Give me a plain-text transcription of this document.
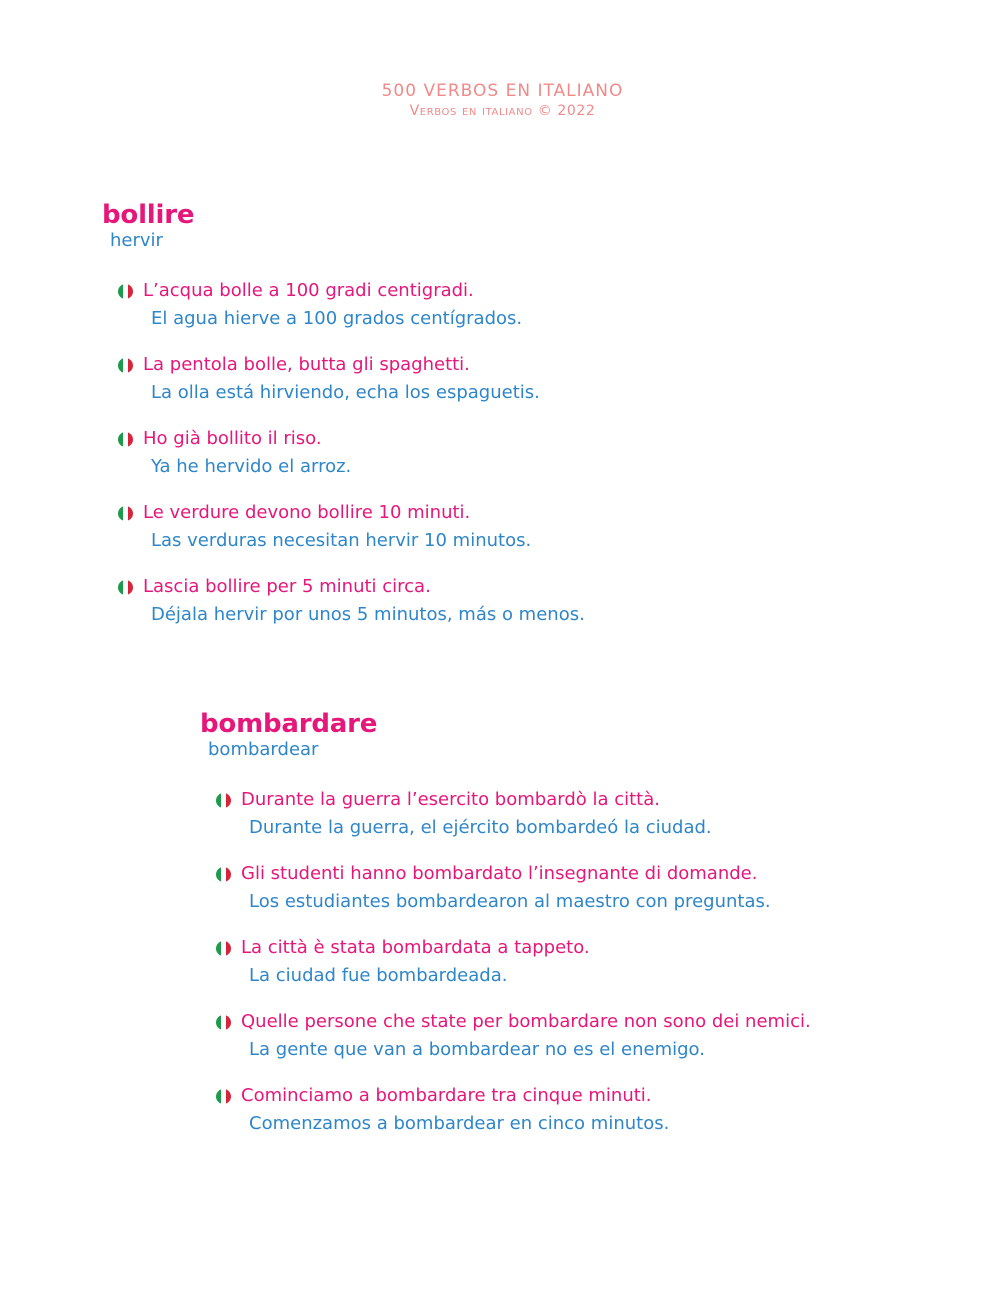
500 VERBOS EN ITALIANO
Verbos en italiano © 2022
bollire
hervir
L’acqua bolle a 100 gradi centigradi.
El agua hierve a 100 grados centígrados.
La pentola bolle, butta gli spaghetti.
La olla está hirviendo, echa los espaguetis.
Ho già bollito il riso.
Ya he hervido el arroz.
Le verdure devono bollire 10 minuti.
Las verduras necesitan hervir 10 minutos.
Lascia bollire per 5 minuti circa.
Déjala hervir por unos 5 minutos, más o menos.
bombardare
bombardear
Durante la guerra l’esercito bombardò la città.
Durante la guerra, el ejército bombardeó la ciudad.
Gli studenti hanno bombardato l’insegnante di domande.
Los estudiantes bombardearon al maestro con preguntas.
La città è stata bombardata a tappeto.
La ciudad fue bombardeada.
Quelle persone che state per bombardare non sono dei nemici.
La gente que van a bombardear no es el enemigo.
Cominciamo a bombardare tra cinque minuti.
Comenzamos a bombardear en cinco minutos.
